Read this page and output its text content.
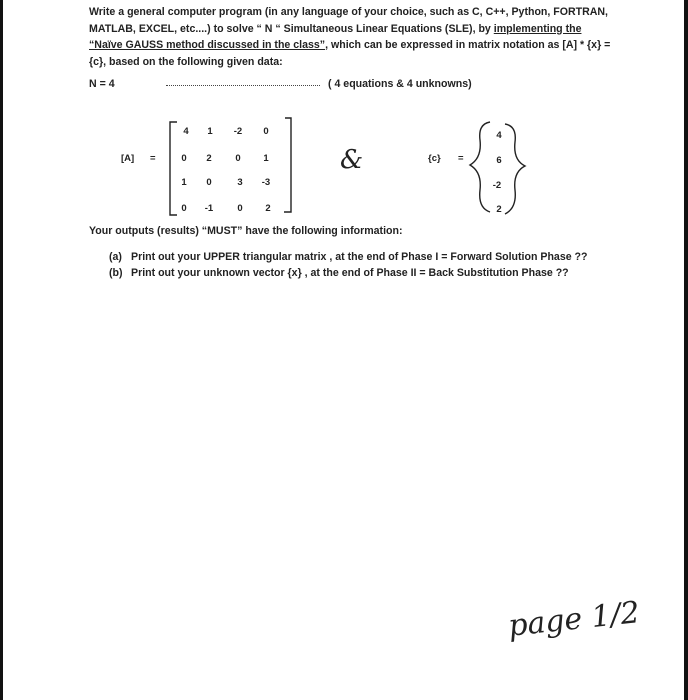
Write a general computer program (in any language of your choice, such as C, C++, Python, FORTRAN,
MATLAB, EXCEL, etc....) to solve “ N “ Simultaneous Linear Equations (SLE), by implementing the
“Naïve GAUSS method discussed in the class”, which can be expressed in matrix notation as [A] * {x} =
{c}, based on the following given data:
N = 4	( 4 equations & 4 unknowns)
[A] =
4	1	-2	0
0	2	0	1
1	0	3	-3
0	-1	0	2
&	{c} =
4
6
-2
2
Your outputs (results) “MUST” have the following information:
(a) Print out your UPPER triangular matrix , at the end of Phase I = Forward Solution Phase ??
(b) Print out your unknown vector {x} , at the end of Phase II = Back Substitution Phase ??
page 1/2
